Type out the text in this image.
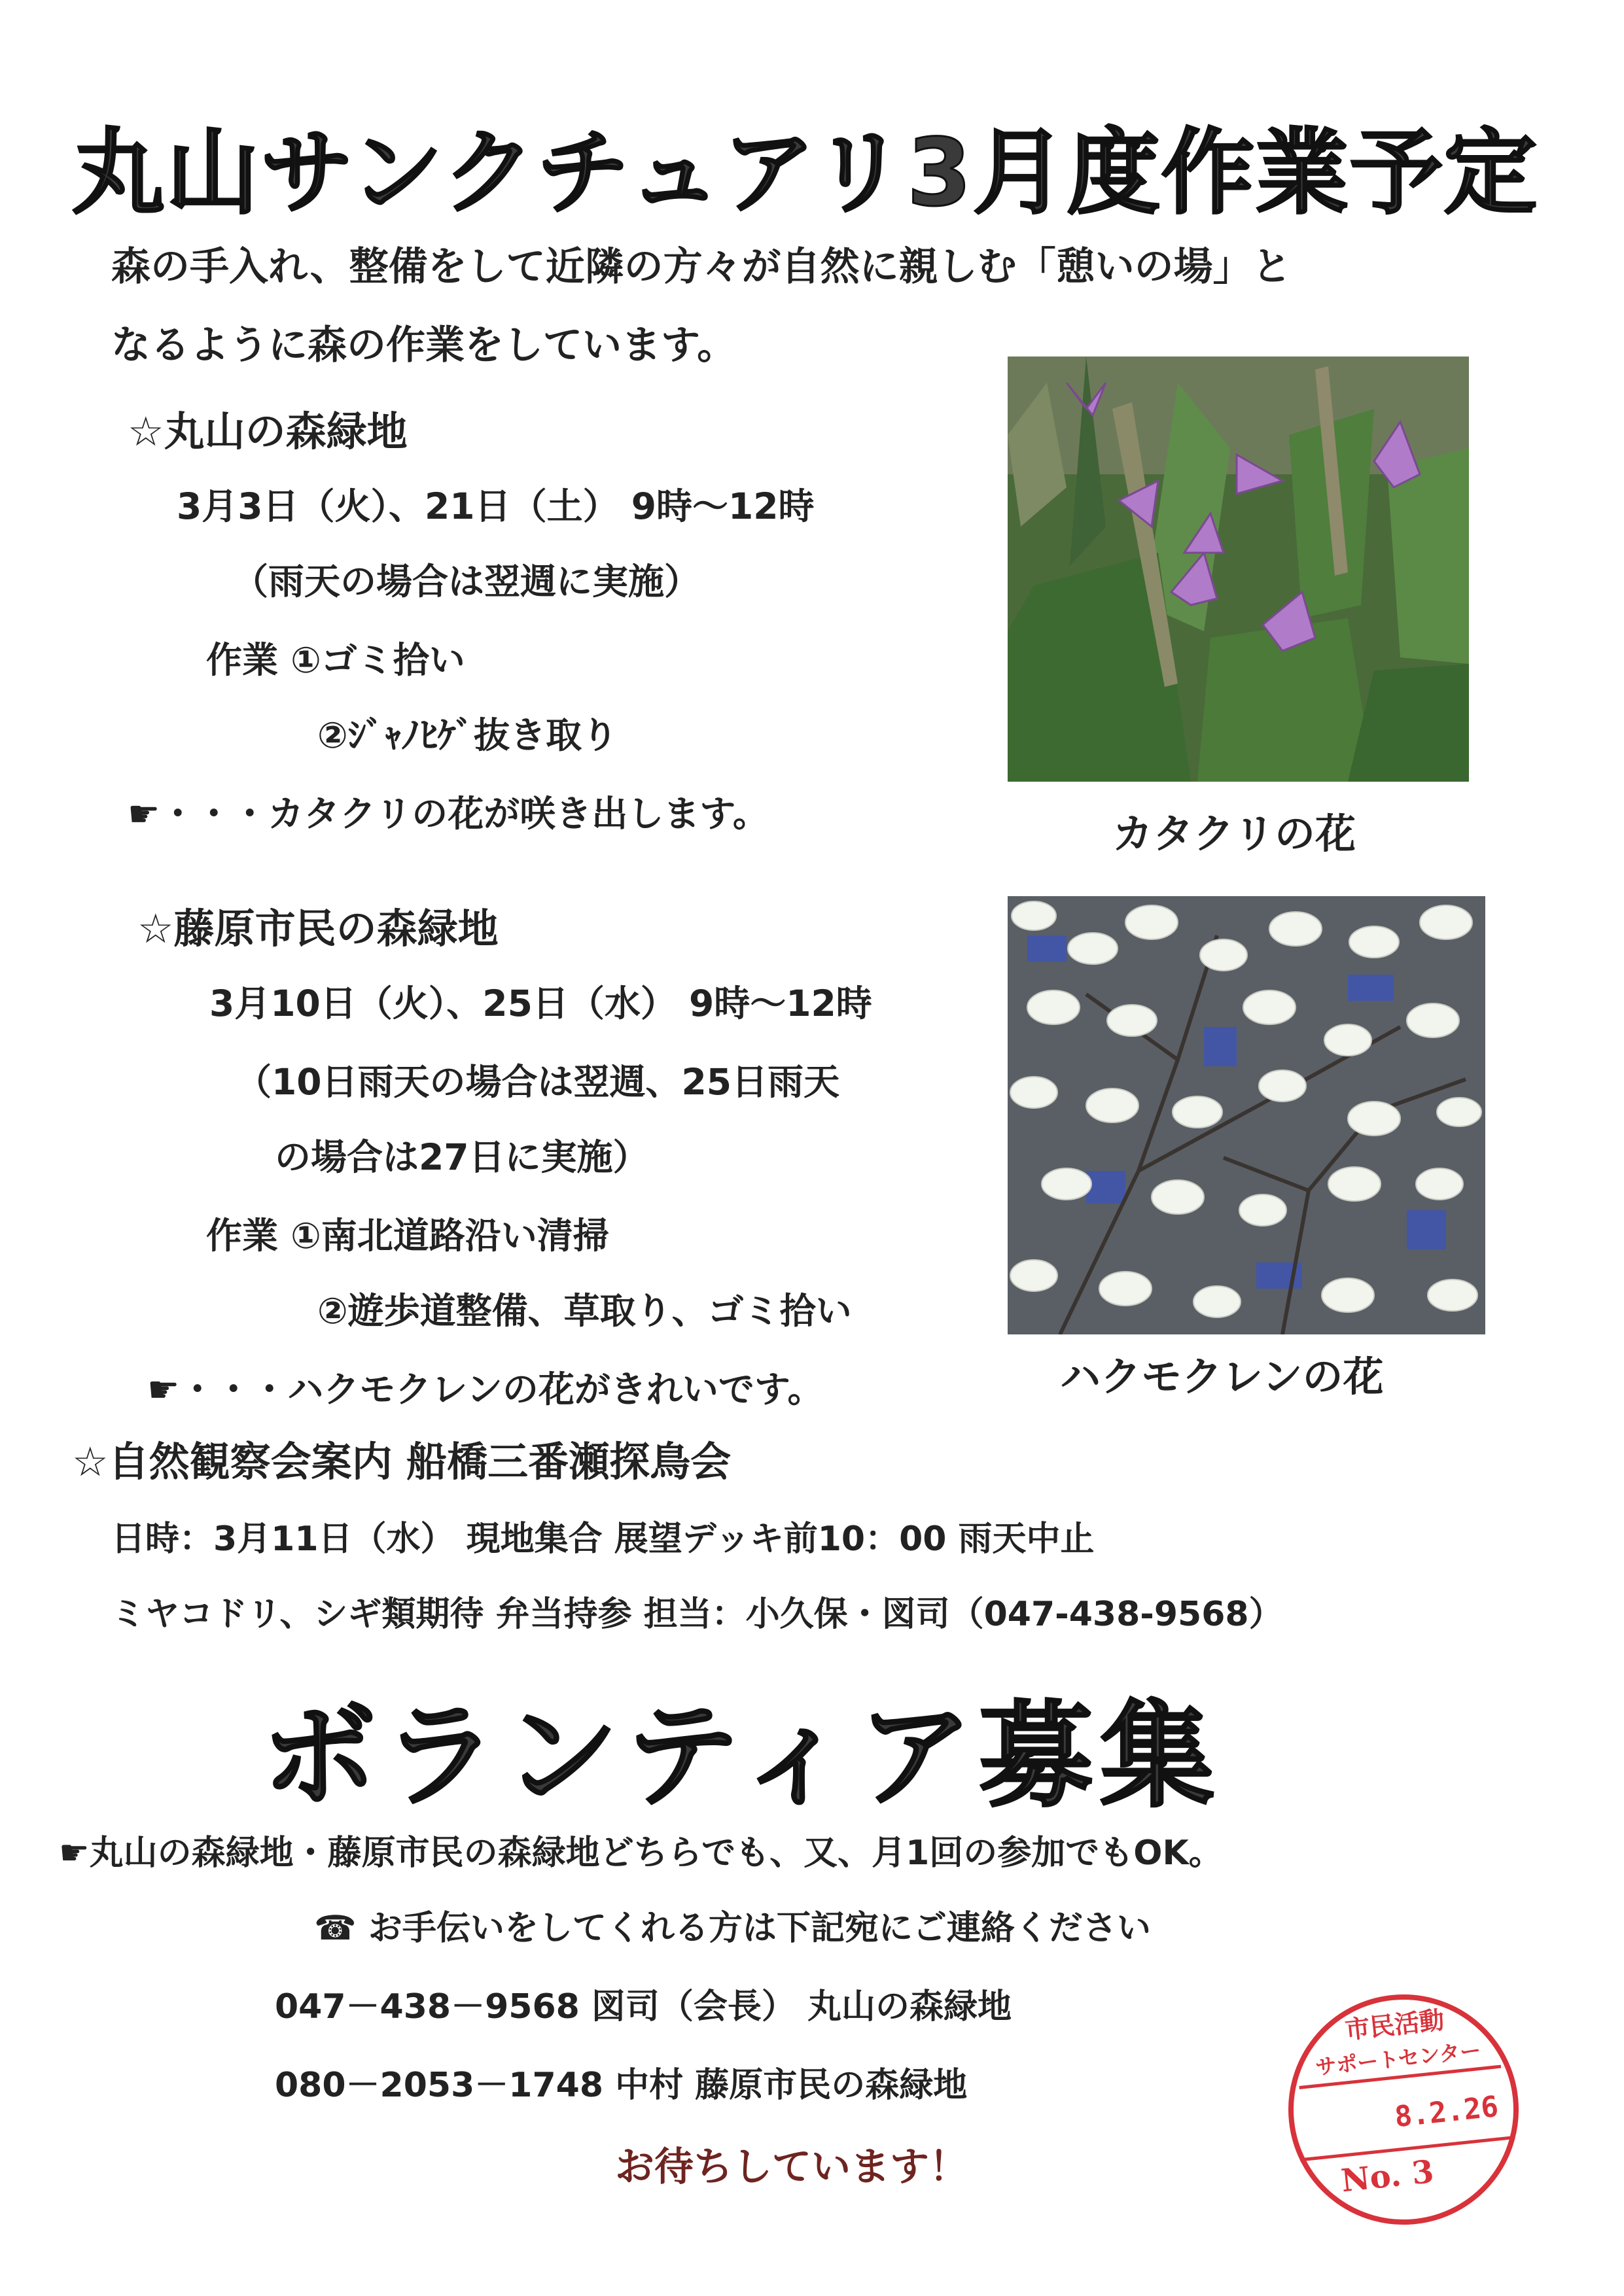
丸山サンクチュアリ3月度作業予定
森の手入れ、整備をして近隣の方々が自然に親しむ「憩いの場」と
なるように森の作業をしています。
☆丸山の森緑地
3月3日（火）、21日（土） 9時～12時
（雨天の場合は翌週に実施）
作業 ①ゴミ拾い
②ｼﾞｬﾉﾋｹﾞ抜き取り
☛・・・カタクリの花が咲き出します。	カタクリの花
☆藤原市民の森緑地
3月10日（火）、25日（水） 9時～12時
（10日雨天の場合は翌週、25日雨天
の場合は27日に実施）
作業 ①南北道路沿い清掃
②遊歩道整備、草取り、ゴミ拾い
☛・・・ハクモクレンの花がきれいです。	ハクモクレンの花
☆自然観察会案内 船橋三番瀬探鳥会
日時：3月11日（水） 現地集合 展望デッキ前10：00 雨天中止
ミヤコドリ、シギ類期待 弁当持参 担当：小久保・図司（047-438-9568）
ボランティア募集
☛丸山の森緑地・藤原市民の森緑地どちらでも、又、月1回の参加でもOK。
☎ お手伝いをしてくれる方は下記宛にご連絡ください
047－438－9568 図司（会長） 丸山の森緑地
080－2053－1748 中村 藤原市民の森緑地
お待ちしています！
市民活動
サポートセンター
8.2.26
No. 3
